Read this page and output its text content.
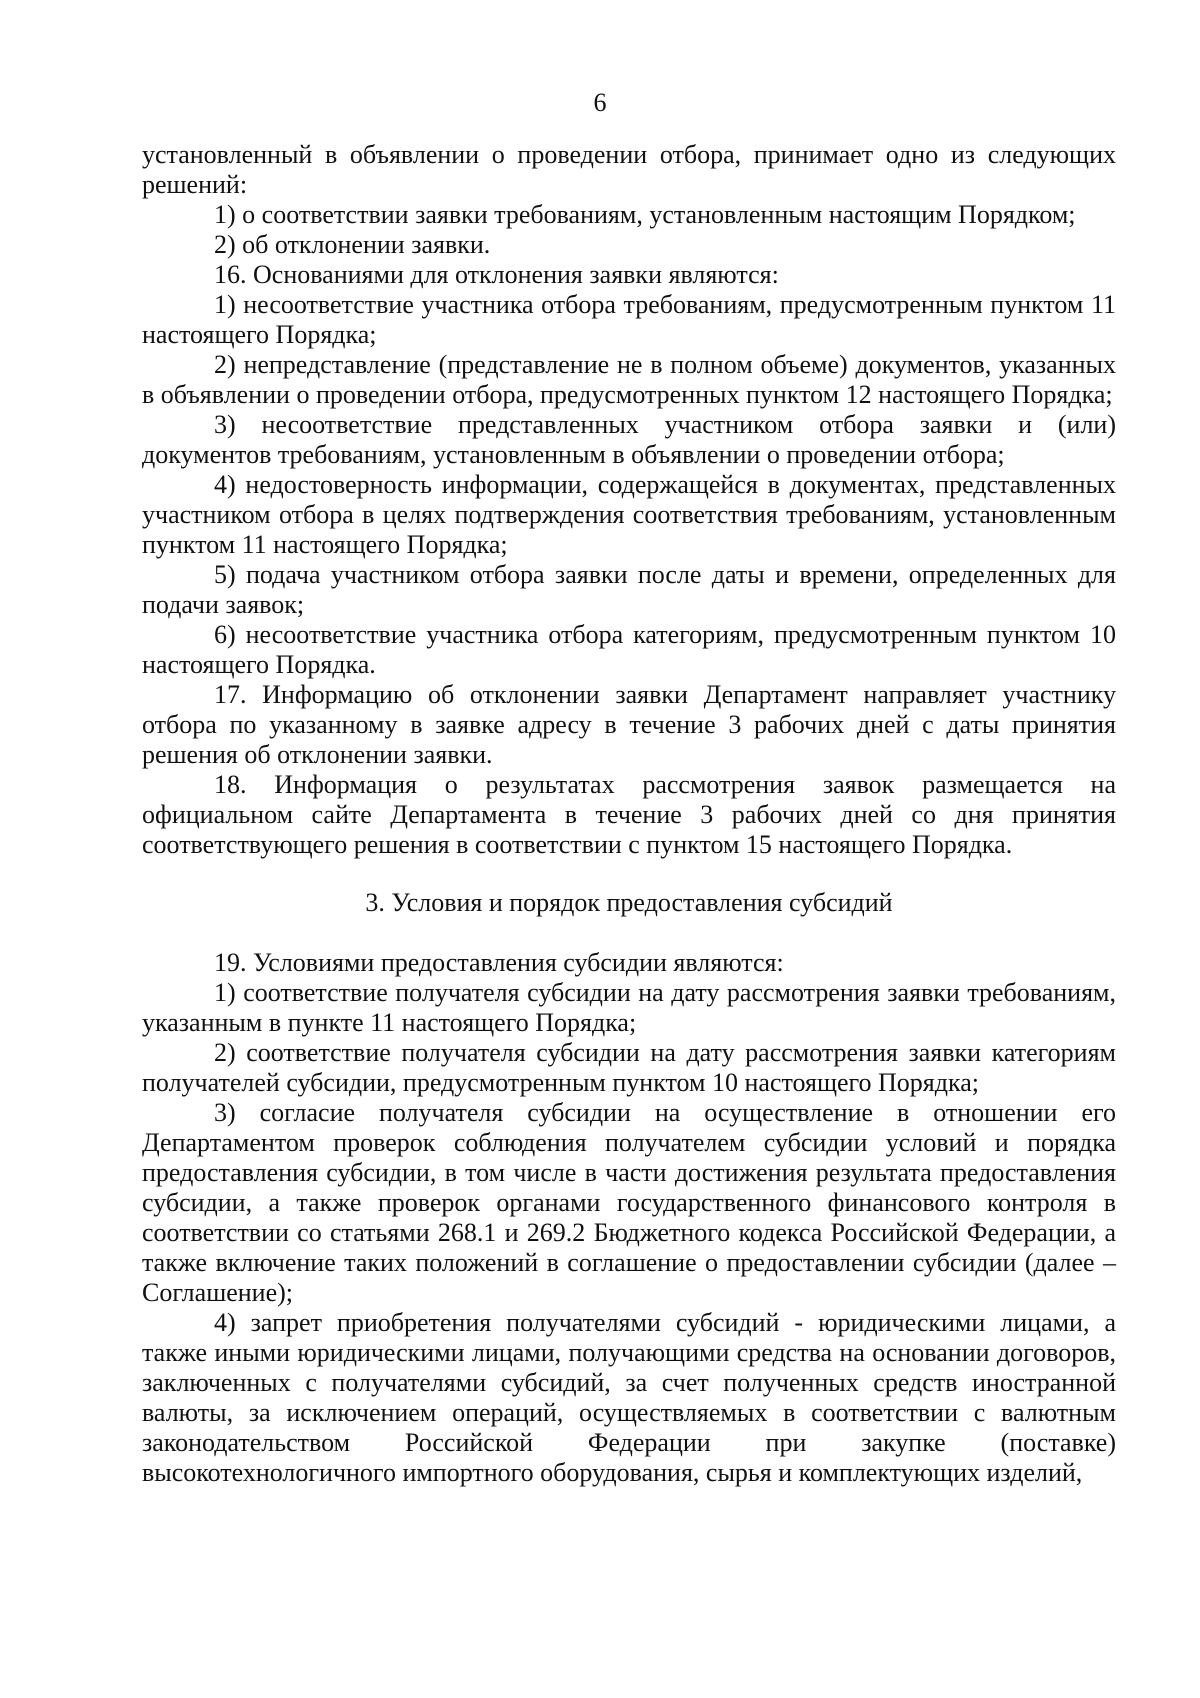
6

установленный в объявлении о проведении отбора, принимает одно из следующих решений:

1) о соответствии заявки требованиям, установленным настоящим Порядком;

2) об отклонении заявки.

16. Основаниями для отклонения заявки являются:

1) несоответствие участника отбора требованиям, предусмотренным пунктом 11 настоящего Порядка;

2) непредставление (представление не в полном объеме) документов, указанных в объявлении о проведении отбора, предусмотренных пунктом 12 настоящего Порядка;

3) несоответствие представленных участником отбора заявки и (или) документов требованиям, установленным в объявлении о проведении отбора;

4) недостоверность информации, содержащейся в документах, представленных участником отбора в целях подтверждения соответствия требованиям, установленным пунктом 11 настоящего Порядка;

5) подача участником отбора заявки после даты и времени, определенных для подачи заявок;

6) несоответствие участника отбора категориям, предусмотренным пунктом 10 настоящего Порядка.

17. Информацию об отклонении заявки Департамент направляет участнику отбора по указанному в заявке адресу в течение 3 рабочих дней с даты принятия решения об отклонении заявки.

18. Информация о результатах рассмотрения заявок размещается на официальном сайте Департамента в течение 3 рабочих дней со дня принятия соответствующего решения в соответствии с пунктом 15 настоящего Порядка.

3. Условия и порядок предоставления субсидий

19. Условиями предоставления субсидии являются:

1) соответствие получателя субсидии на дату рассмотрения заявки требованиям, указанным в пункте 11 настоящего Порядка;

2) соответствие получателя субсидии на дату рассмотрения заявки категориям получателей субсидии, предусмотренным пунктом 10 настоящего Порядка;

3) согласие получателя субсидии на осуществление в отношении его Департаментом проверок соблюдения получателем субсидии условий и порядка предоставления субсидии, в том числе в части достижения результата предоставления субсидии, а также проверок органами государственного финансового контроля в соответствии со статьями 268.1 и 269.2 Бюджетного кодекса Российской Федерации, а также включение таких положений в соглашение о предоставлении субсидии (далее – Соглашение);

4) запрет приобретения получателями субсидий - юридическими лицами, а также иными юридическими лицами, получающими средства на основании договоров, заключенных с получателями субсидий, за счет полученных средств иностранной валюты, за исключением операций, осуществляемых в соответствии с валютным законодательством Российской Федерации при закупке (поставке) высокотехнологичного импортного оборудования, сырья и комплектующих изделий,
